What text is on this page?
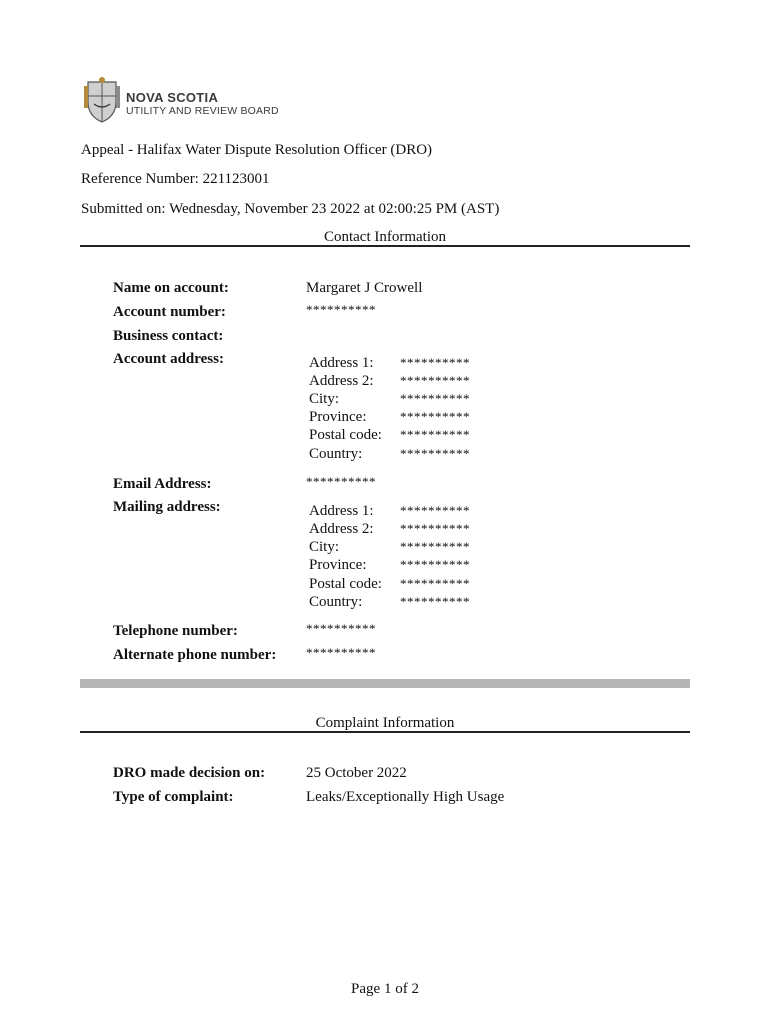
NOVA SCOTIA
UTILITY AND REVIEW BOARD
Appeal - Halifax Water Dispute Resolution Officer (DRO)
Reference Number: 221123001
Submitted on: Wednesday, November 23 2022 at 02:00:25 PM (AST)
Contact Information
Name on account:	Margaret J Crowell
Account number:	**********
Business contact:
Account address:	Address 1: **********
Address 2: **********
City:	**********
Province:	**********
Postal code: **********
Country:	**********
Email Address:	**********
Mailing address:	Address 1: **********
Address 2: **********
City:	**********
Province:	**********
Postal code: **********
Country:	**********
Telephone number:	**********
Alternate phone number: **********
Complaint Information
DRO made decision on:	25 October 2022
Type of complaint:	Leaks/Exceptionally High Usage
Page 1 of 2
